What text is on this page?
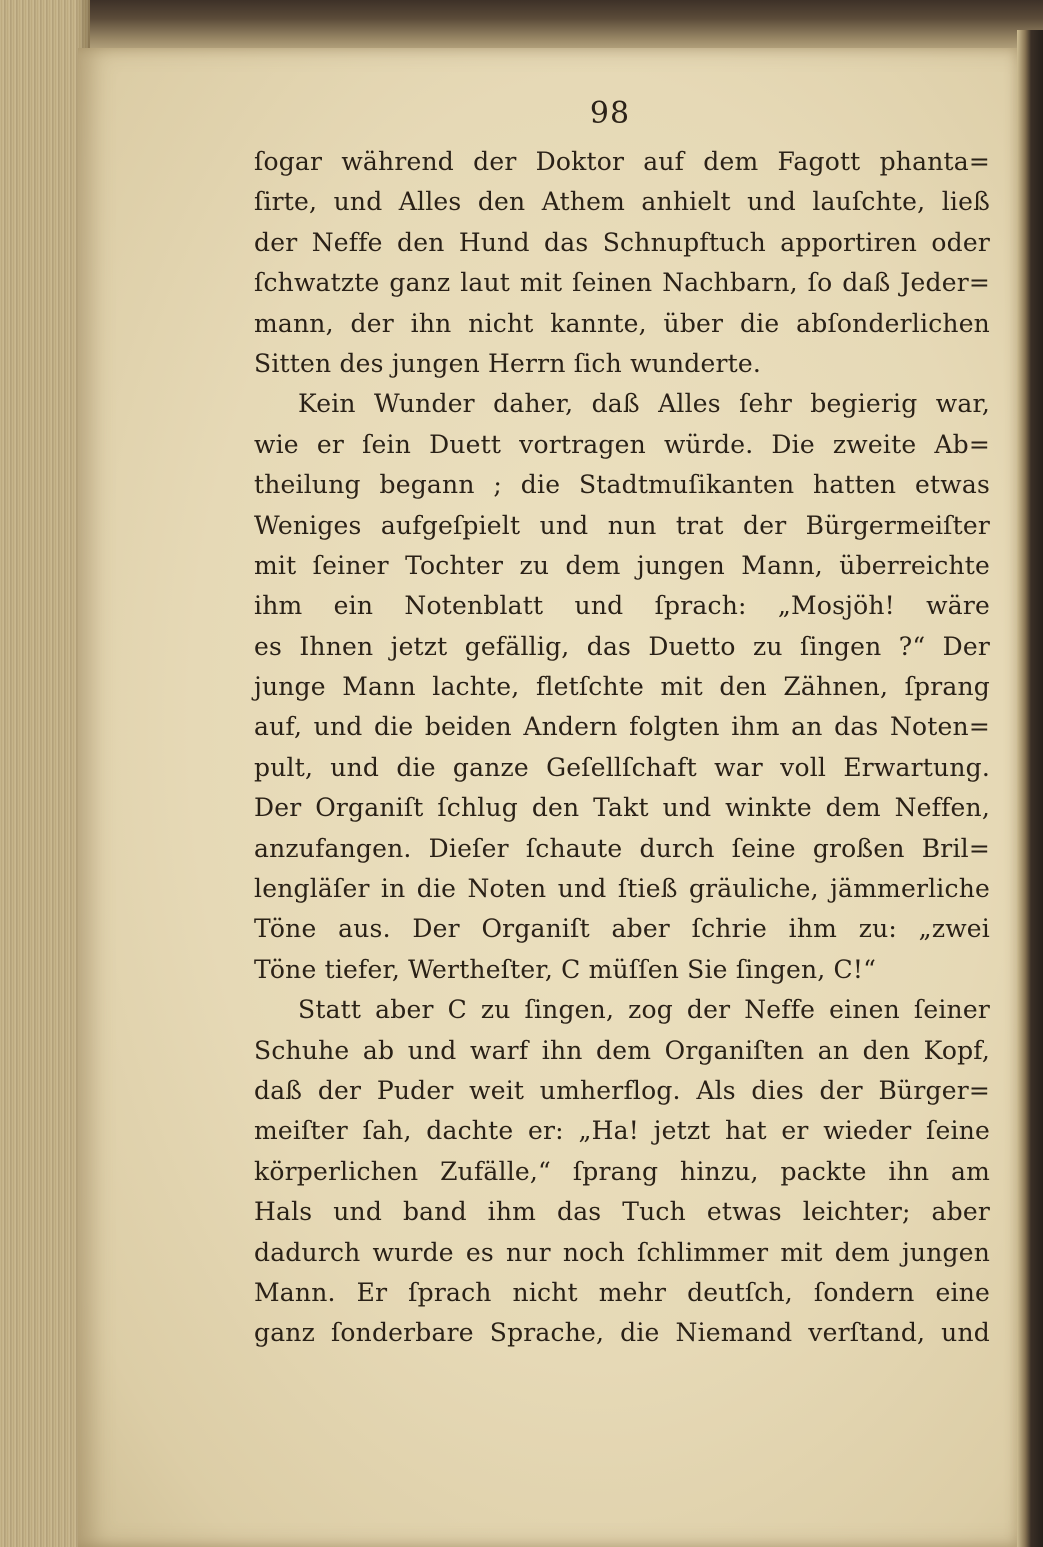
98
ſogar während der Doktor auf dem Fagott phanta=
ſirte, und Alles den Athem anhielt und lauſchte, ließ
der Neffe den Hund das Schnupftuch apportiren oder
ſchwatzte ganz laut mit ſeinen Nachbarn, ſo daß Jeder=
mann, der ihn nicht kannte, über die abſonderlichen
Sitten des jungen Herrn ſich wunderte.
Kein Wunder daher, daß Alles ſehr begierig war,
wie er ſein Duett vortragen würde. Die zweite Ab=
theilung begann ; die Stadtmuſikanten hatten etwas
Weniges aufgeſpielt und nun trat der Bürgermeiſter
mit ſeiner Tochter zu dem jungen Mann, überreichte
ihm ein Notenblatt und ſprach: „Mosjöh! wäre
es Ihnen jetzt gefällig, das Duetto zu ſingen ?“ Der
junge Mann lachte, fletſchte mit den Zähnen, ſprang
auf, und die beiden Andern folgten ihm an das Noten=
pult, und die ganze Geſellſchaft war voll Erwartung.
Der Organiſt ſchlug den Takt und winkte dem Neffen,
anzufangen. Dieſer ſchaute durch ſeine großen Bril=
lengläſer in die Noten und ſtieß gräuliche, jämmerliche
Töne aus. Der Organiſt aber ſchrie ihm zu: „zwei
Töne tiefer, Wertheſter, C müſſen Sie ſingen, C!“
Statt aber C zu ſingen, zog der Neffe einen ſeiner
Schuhe ab und warf ihn dem Organiſten an den Kopf,
daß der Puder weit umherflog. Als dies der Bürger=
meiſter ſah, dachte er: „Ha! jetzt hat er wieder ſeine
körperlichen Zufälle,“ ſprang hinzu, packte ihn am
Hals und band ihm das Tuch etwas leichter; aber
dadurch wurde es nur noch ſchlimmer mit dem jungen
Mann. Er ſprach nicht mehr deutſch, ſondern eine
ganz ſonderbare Sprache, die Niemand verſtand, und
